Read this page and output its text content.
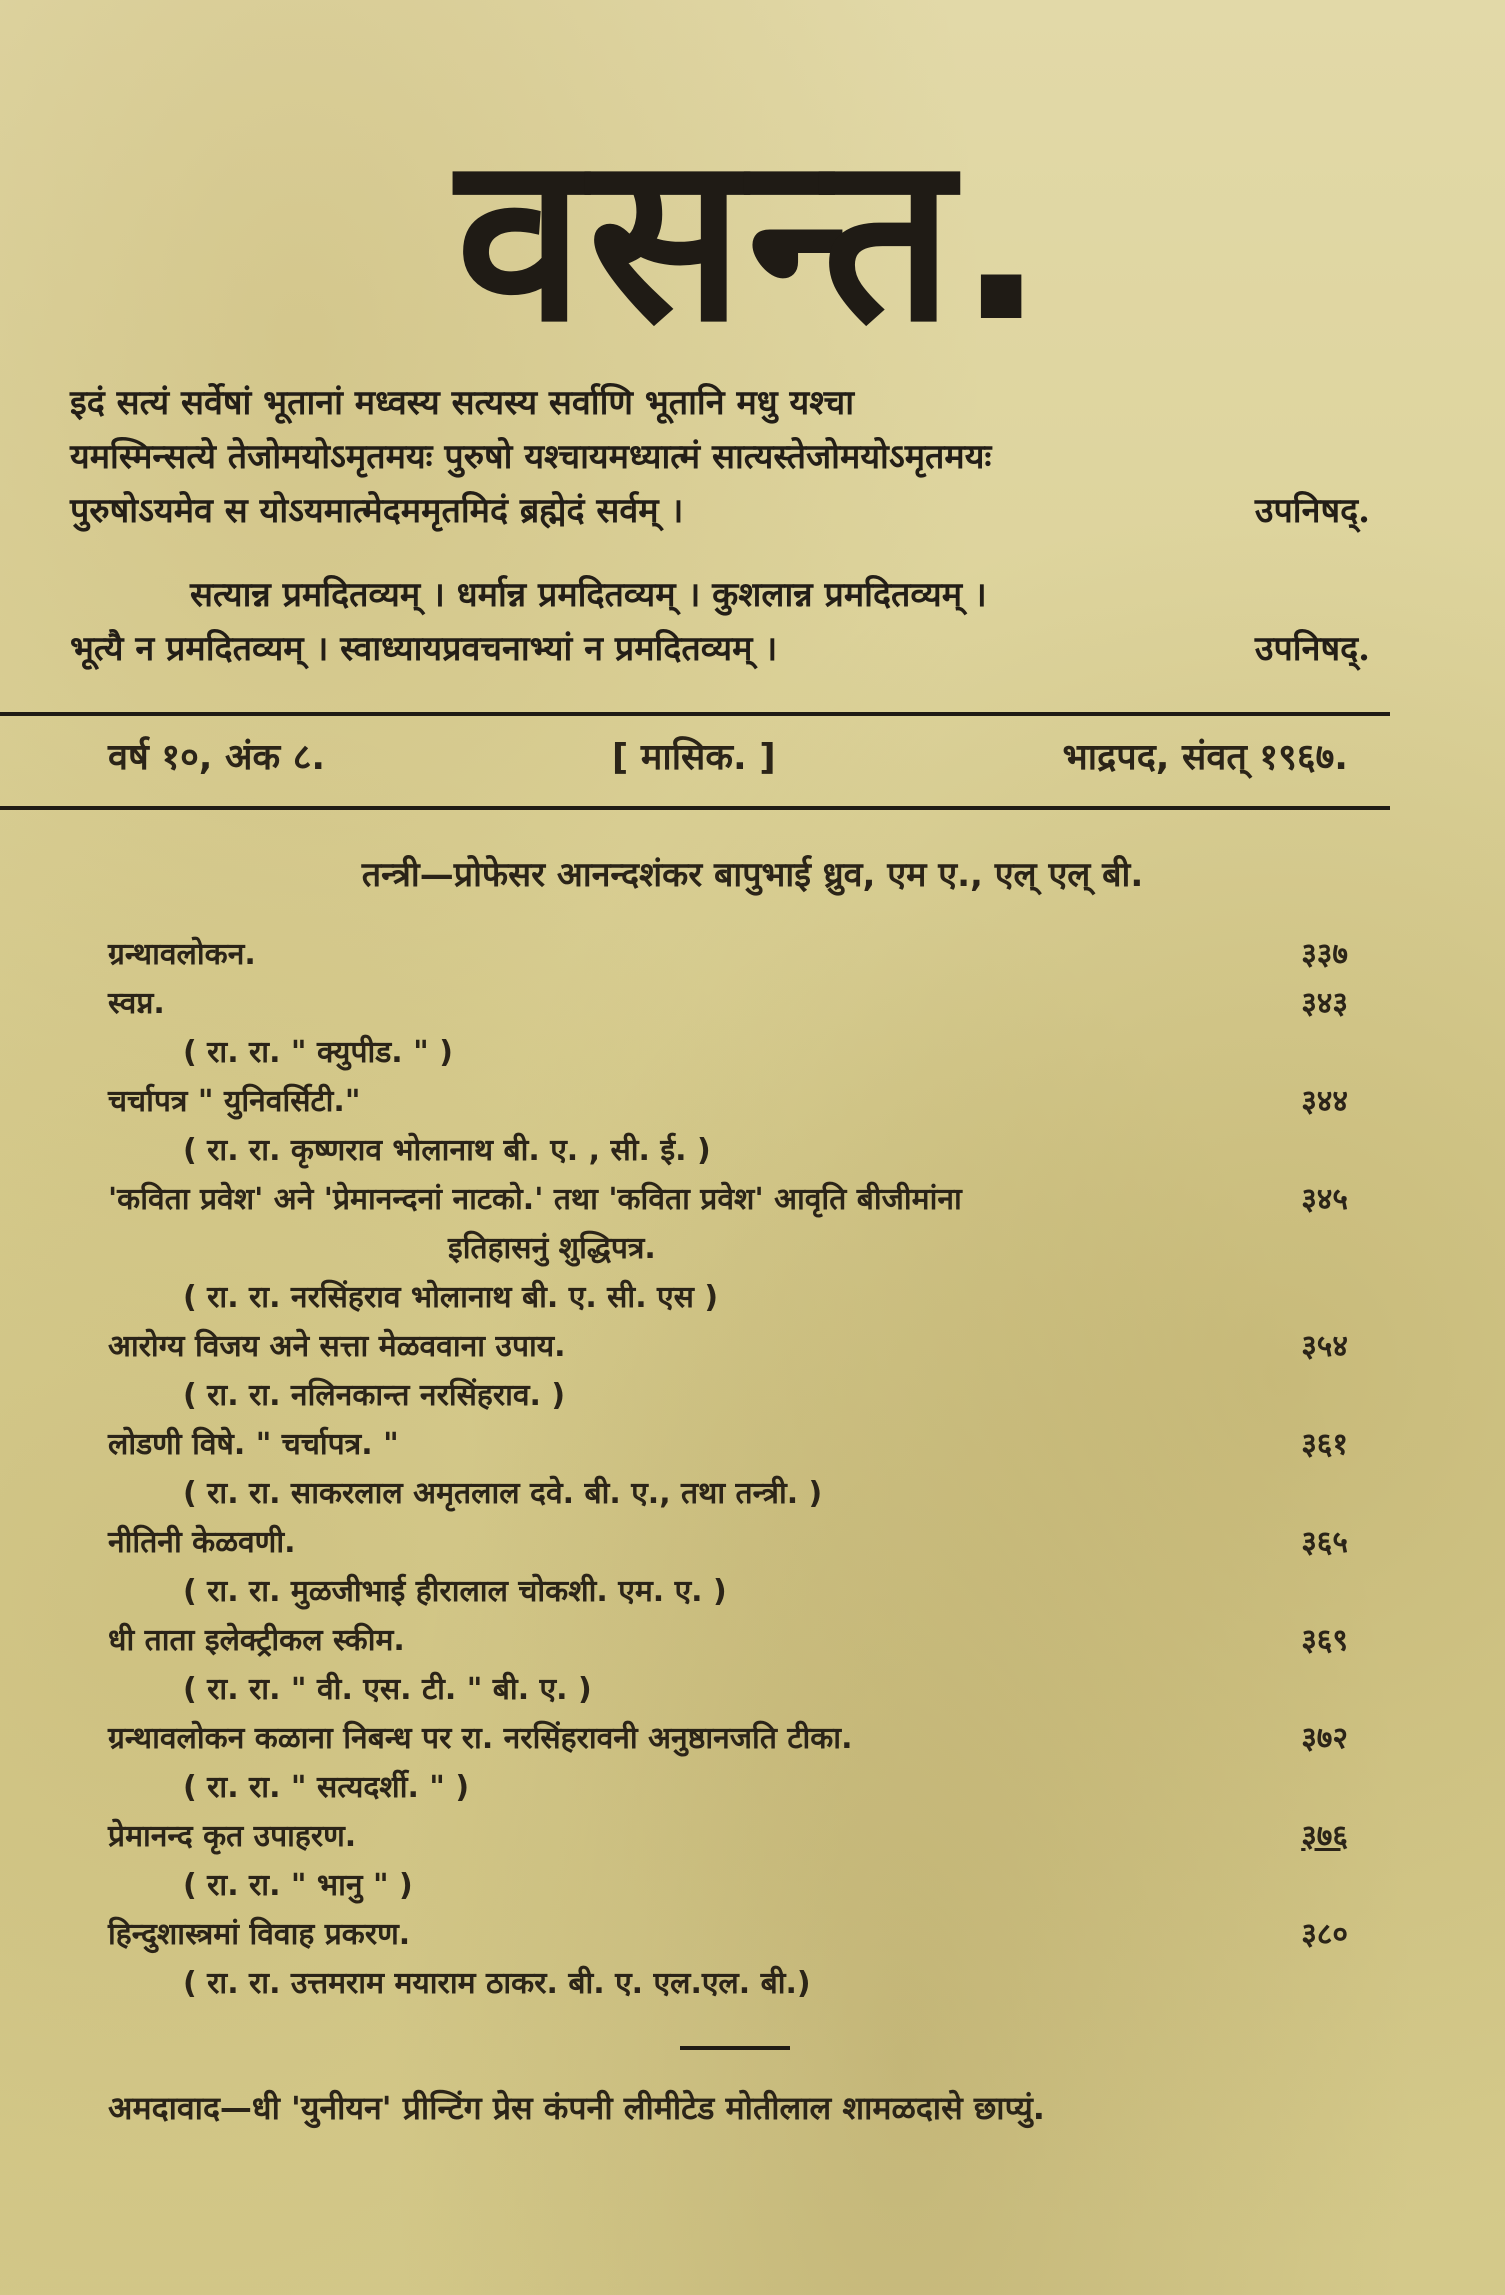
वसन्त.
इदं सत्यं सर्वेषां भूतानां मध्वस्य सत्यस्य सर्वाणि भूतानि मधु यश्चा
यमस्मिन्सत्ये तेजोमयोऽमृतमयः पुरुषो यश्चायमध्यात्मं सात्यस्तेजोमयोऽमृतमयः
पुरुषोऽयमेव स योऽयमात्मेदममृतमिदं ब्रह्मेदं सर्वम् ।	उपनिषद्.
सत्यान्न प्रमदितव्यम् । धर्मान्न प्रमदितव्यम् । कुशलान्न प्रमदितव्यम् ।
भूत्यै न प्रमदितव्यम् । स्वाध्यायप्रवचनाभ्यां न प्रमदितव्यम् ।	उपनिषद्.
वर्ष १०, अंक ८.	[ मासिक. ]	भाद्रपद, संवत् १९६७.
तन्त्री—प्रोफेसर आनन्दशंकर बापुभाई ध्रुव, एम ए., एल् एल् बी.
ग्रन्थावलोकन.	३३७
स्वप्न.	३४३
( रा. रा. " क्युपीड. " )
चर्चापत्र " युनिवर्सिटी."	३४४
( रा. रा. कृष्णराव भोलानाथ बी. ए. , सी. ई. )
'कविता प्रवेश' अने 'प्रेमानन्दनां नाटको.' तथा 'कविता प्रवेश' आवृति बीजीमांना	३४५
इतिहासनुं शुद्धिपत्र.
( रा. रा. नरसिंहराव भोलानाथ बी. ए. सी. एस )
आरोग्य विजय अने सत्ता मेळववाना उपाय.	३५४
( रा. रा. नलिनकान्त नरसिंहराव. )
लोडणी विषे. " चर्चापत्र. "	३६१
( रा. रा. साकरलाल अमृतलाल दवे. बी. ए., तथा तन्त्री. )
नीतिनी केळवणी.	३६५
( रा. रा. मुळजीभाई हीरालाल चोकशी. एम. ए. )
धी ताता इलेक्ट्रीकल स्कीम.	३६९
( रा. रा. " वी. एस. टी. " बी. ए. )
ग्रन्थावलोकन कळाना निबन्ध पर रा. नरसिंहरावनी अनुष्ठानजति टीका.	३७२
( रा. रा. " सत्यदर्शी. " )
प्रेमानन्द कृत उपाहरण.	३७६
( रा. रा. " भानु " )
हिन्दुशास्त्रमां विवाह प्रकरण.	३८०
( रा. रा. उत्तमराम मयाराम ठाकर. बी. ए. एल.एल. बी.)
अमदावाद—धी 'युनीयन' प्रीन्टिंग प्रेस कंपनी लीमीटेड मोतीलाल शामळदासे छाप्युं.
